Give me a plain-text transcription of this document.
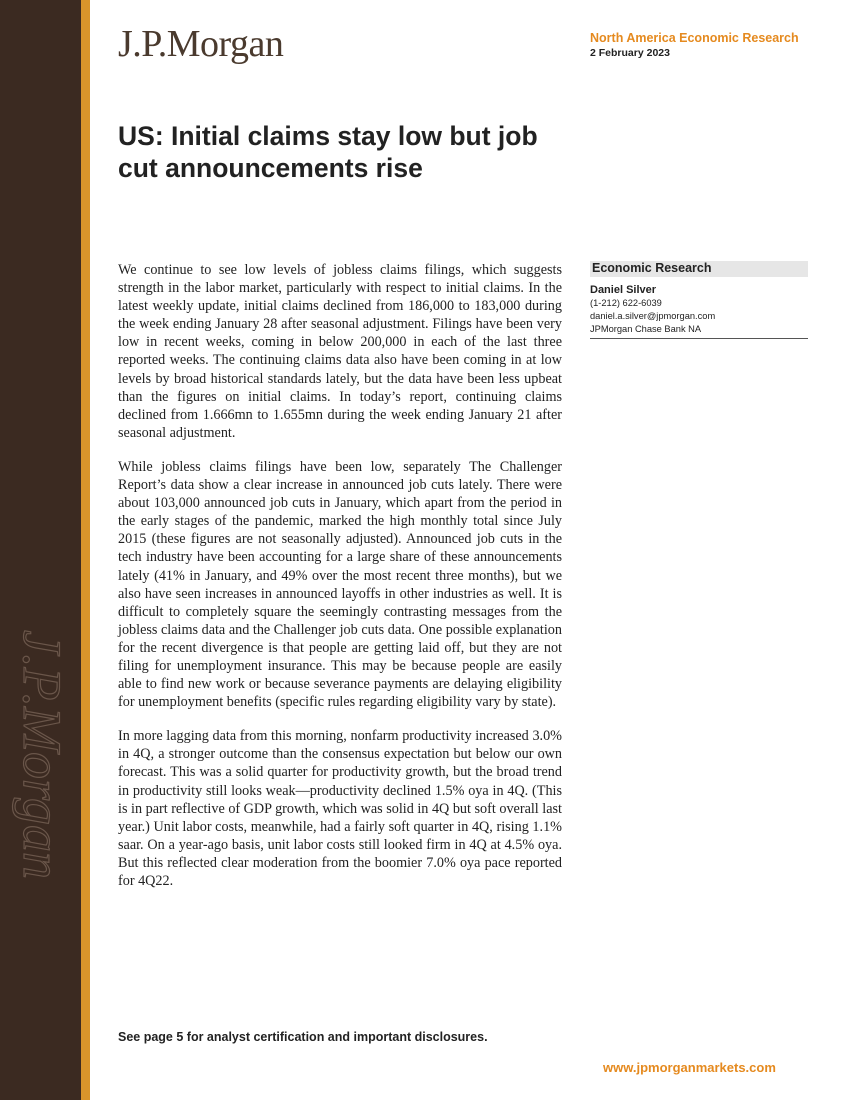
J.P.Morgan
J.P.Morgan	North America Economic Research
2 February 2023
US: Initial claims stay low but job cut announcements rise

We continue to see low levels of jobless claims filings, which suggests strength in the labor market, particularly with respect to initial claims. In the latest weekly update, initial claims declined from 186,000 to 183,000 during the week ending January 28 after seasonal adjustment. Filings have been very low in recent weeks, coming in below 200,000 in each of the last three reported weeks. The continuing claims data also have been coming in at low levels by broad historical standards lately, but the data have been less upbeat than the figures on initial claims. In today’s report, continuing claims declined from 1.666mn to 1.655mn during the week ending January 21 after seasonal adjustment.

While jobless claims filings have been low, separately The Challenger Report’s data show a clear increase in announced job cuts lately. There were about 103,000 announced job cuts in January, which apart from the period in the early stages of the pandemic, marked the high monthly total since July 2015 (these figures are not seasonally adjusted). Announced job cuts in the tech industry have been accounting for a large share of these announcements lately (41% in January, and 49% over the most recent three months), but we also have seen increases in announced layoffs in other industries as well. It is difficult to completely square the seemingly contrasting messages from the jobless claims data and the Challenger job cuts data. One possible explanation for the recent divergence is that people are getting laid off, but they are not filing for unemployment insurance. This may be because people are easily able to find new work or because severance payments are delaying eligibility for unemployment benefits (specific rules regarding eligibility vary by state).

In more lagging data from this morning, nonfarm productivity increased 3.0% in 4Q, a stronger outcome than the consensus expectation but below our own forecast. This was a solid quarter for productivity growth, but the broad trend in productivity still looks weak—productivity declined 1.5% oya in 4Q. (This is in part reflective of GDP growth, which was solid in 4Q but soft overall last year.) Unit labor costs, meanwhile, had a fairly soft quarter in 4Q, rising 1.1% saar. On a year-ago basis, unit labor costs still looked firm in 4Q at 4.5% oya. But this reflected clear moderation from the boomier 7.0% oya pace reported for 4Q22.

Economic Research
Daniel Silver
(1-212) 622-6039
daniel.a.silver@jpmorgan.com
JPMorgan Chase Bank NA
See page 5 for analyst certification and important disclosures.
www.jpmorganmarkets.com
